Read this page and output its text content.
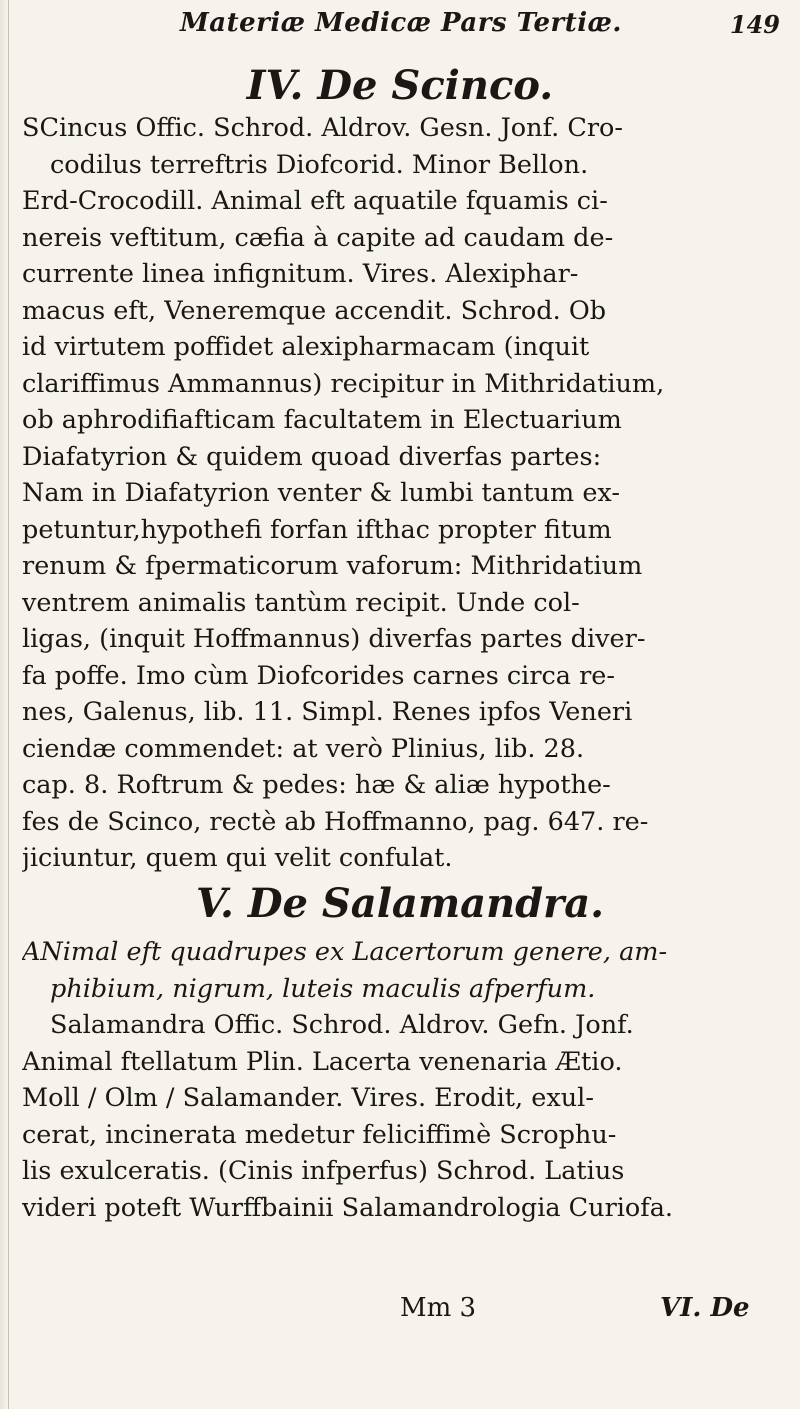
Materiæ Medicæ Pars Tertiæ.	149
IV. De Scinco.
SCincus Offic. Schrod. Aldrov. Gesn. Jonf. Cro-
codilus terreftris Diofcorid. Minor Bellon.
Erd-Crocodill. Animal eft aquatile fquamis ci-
nereis veftitum, cæfia à capite ad caudam de-
currente linea infignitum. Vires. Alexiphar-
macus eft, Veneremque accendit. Schrod. Ob
id virtutem poffidet alexipharmacam (inquit
clariffimus Ammannus) recipitur in Mithridatium,
ob aphrodifiafticam facultatem in Electuarium
Diafatyrion & quidem quoad diverfas partes:
Nam in Diafatyrion venter & lumbi tantum ex-
petuntur,hypothefi forfan ifthac propter fitum
renum & fpermaticorum vaforum: Mithridatium
ventrem animalis tantùm recipit. Unde col-
ligas, (inquit Hoffmannus) diverfas partes diver-
fa poffe. Imo cùm Diofcorides carnes circa re-
nes, Galenus, lib. 11. Simpl. Renes ipfos Veneri
ciendæ commendet: at verò Plinius, lib. 28.
cap. 8. Roftrum & pedes: hæ & aliæ hypothe-
fes de Scinco, rectè ab Hoffmanno, pag. 647. re-
jiciuntur, quem qui velit confulat.
V. De Salamandra.
ANimal eft quadrupes ex Lacertorum genere, am-
phibium, nigrum, luteis maculis afperfum.
Salamandra Offic. Schrod. Aldrov. Gefn. Jonf.
Animal ftellatum Plin. Lacerta venenaria Ætio.
Moll / Olm / Salamander. Vires. Erodit, exul-
cerat, incinerata medetur feliciffimè Scrophu-
lis exulceratis. (Cinis infperfus) Schrod. Latius
videri poteft Wurffbainii Salamandrologia Curiofa.
Mm 3	VI. De
